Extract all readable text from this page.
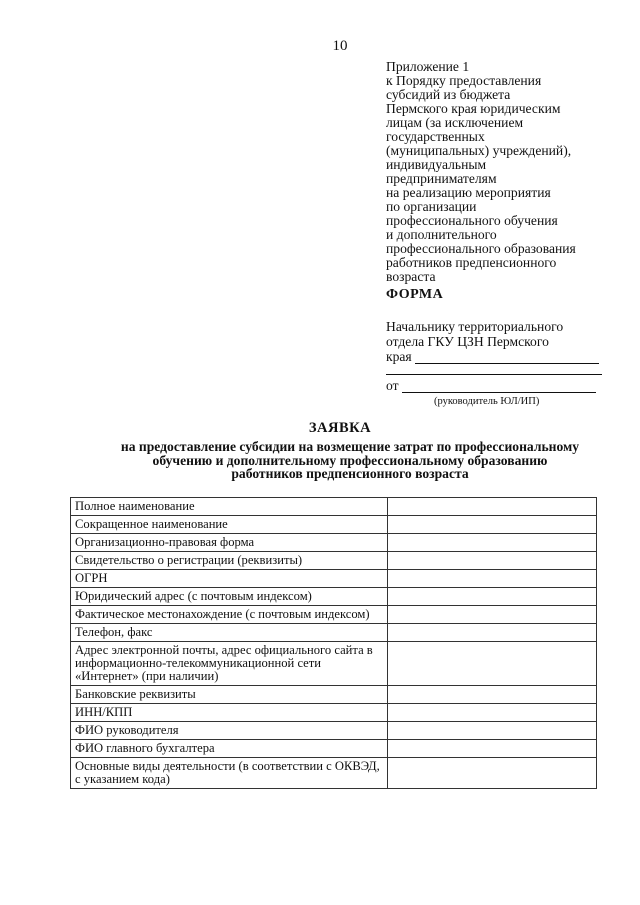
10
Приложение 1
к Порядку предоставления
субсидий из бюджета
Пермского края юридическим
лицам (за исключением
государственных
(муниципальных) учреждений),
индивидуальным
предпринимателям
на реализацию мероприятия
по организации
профессионального обучения
и дополнительного
профессионального образования
работников предпенсионного
возраста
ФОРМА
Начальнику территориального
отдела ГКУ ЦЗН Пермского
края
от
(руководитель ЮЛ/ИП)
ЗАЯВКА
на предоставление субсидии на возмещение затрат по профессиональному
обучению и дополнительному профессиональному образованию
работников предпенсионного возраста
Полное наименование	
Сокращенное наименование	
Организационно-правовая форма	
Свидетельство о регистрации (реквизиты)	
ОГРН	
Юридический адрес (с почтовым индексом)	
Фактическое местонахождение (с почтовым индексом)	
Телефон, факс	
Адрес электронной почты, адрес официального сайта в информационно-телекоммуникационной сети «Интернет» (при наличии)	
Банковские реквизиты	
ИНН/КПП	
ФИО руководителя	
ФИО главного бухгалтера	
Основные виды деятельности (в соответствии с ОКВЭД, с указанием кода)	
